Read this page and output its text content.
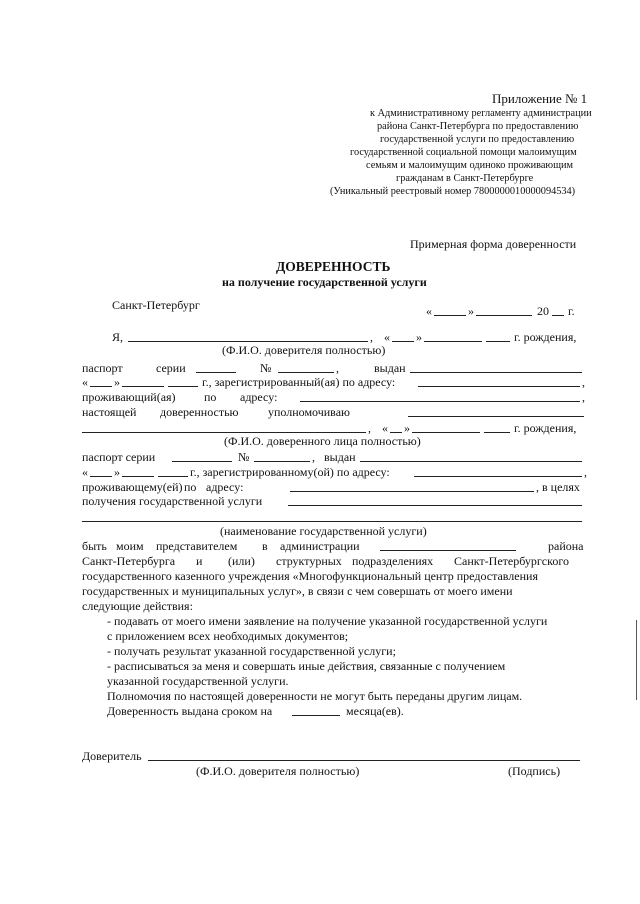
Приложение № 1
к Административному регламенту администрации
района Санкт-Петербурга по предоставлению
государственной услуги по предоставлению
государственной социальной помощи малоимущим
семьям и малоимущим одиноко проживающим
гражданам в Санкт-Петербурге
(Уникальный реестровый номер 7800000010000094534)
Примерная форма доверенности
ДОВЕРЕННОСТЬ
на получение государственной услуги
Санкт-Петербург	«	»	20 г.
Я,	, « »	г. рождения,
(Ф.И.О. доверителя полностью)
паспорт	серии	№	,	выдан
« »	г., зарегистрированный(ая) по адресу:	,
проживающий(ая) по адресу:	,
настоящей доверенностью уполномочиваю
, « »	г. рождения,
(Ф.И.О. доверенного лица полностью)
паспорт серии	№	, выдан
« »	г., зарегистрированному(ой) по адресу:	,
проживающему(ей) по адресу:	, в целях
получения государственной услуги
(наименование государственной услуги)
быть моим представителем в администрации	района
Санкт-Петербурга и (или) структурных подразделениях Санкт-Петербургского
государственного казенного учреждения «Многофункциональный центр предоставления
государственных и муниципальных услуг», в связи с чем совершать от моего имени
следующие действия:
- подавать от моего имени заявление на получение указанной государственной услуги
с приложением всех необходимых документов;
- получать результат указанной государственной услуги;
- расписываться за меня и совершать иные действия, связанные с получением
указанной государственной услуги.
Полномочия по настоящей доверенности не могут быть переданы другим лицам.
Доверенность выдана сроком на	месяца(ев).
Доверитель
(Ф.И.О. доверителя полностью)	(Подпись)
